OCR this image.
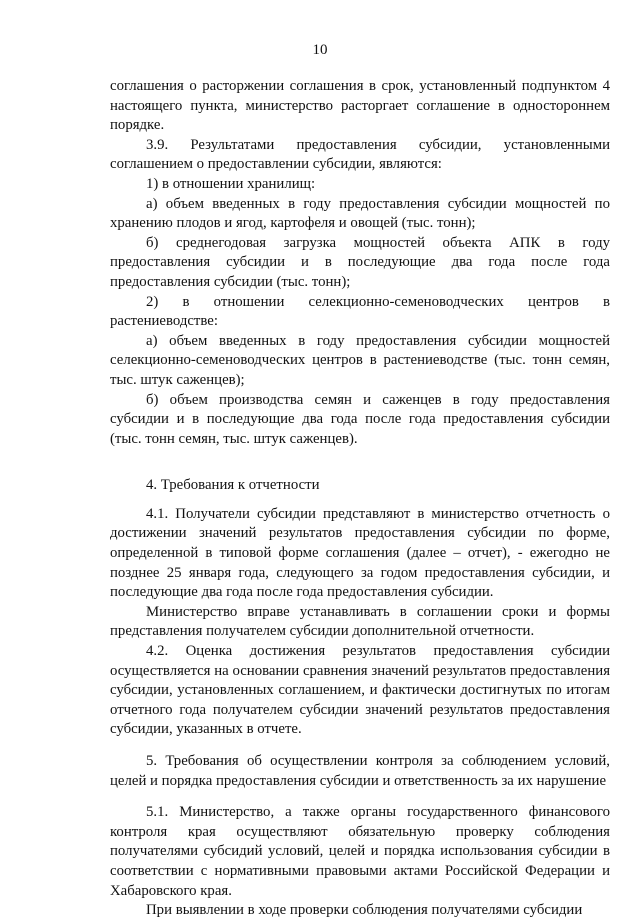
10

соглашения о расторжении соглашения в срок, установленный подпунктом 4 настоящего пункта, министерство расторгает соглашение в одностороннем порядке.

3.9. Результатами предоставления субсидии, установленными соглашением о предоставлении субсидии, являются:

1) в отношении хранилищ:

а) объем введенных в году предоставления субсидии мощностей по хранению плодов и ягод, картофеля и овощей (тыс. тонн);

б) среднегодовая загрузка мощностей объекта АПК в году предоставления субсидии и в последующие два года после года предоставления субсидии (тыс. тонн);

2) в отношении селекционно-семеноводческих центров в растениеводстве:

а) объем введенных в году предоставления субсидии мощностей селекционно-семеноводческих центров в растениеводстве (тыс. тонн семян, тыс. штук саженцев);

б) объем производства семян и саженцев в году предоставления субсидии и в последующие два года после года предоставления субсидии (тыс. тонн семян, тыс. штук саженцев).

4. Требования к отчетности

4.1. Получатели субсидии представляют в министерство отчетность о достижении значений результатов предоставления субсидии по форме, определенной в типовой форме соглашения (далее – отчет), - ежегодно не позднее 25 января года, следующего за годом предоставления субсидии, и последующие два года после года предоставления субсидии.

Министерство вправе устанавливать в соглашении сроки и формы представления получателем субсидии дополнительной отчетности.

4.2. Оценка достижения результатов предоставления субсидии осуществляется на основании сравнения значений результатов предоставления субсидии, установленных соглашением, и фактически достигнутых по итогам отчетного года получателем субсидии значений результатов предоставления субсидии, указанных в отчете.

5. Требования об осуществлении контроля за соблюдением условий, целей и порядка предоставления субсидии и ответственность за их нарушение

5.1. Министерство, а также органы государственного финансового контроля края осуществляют обязательную проверку соблюдения получателями субсидий условий, целей и порядка использования субсидии в соответствии с нормативными правовыми актами Российской Федерации и Хабаровского края.

При выявлении в ходе проверки соблюдения получателями субсидии
